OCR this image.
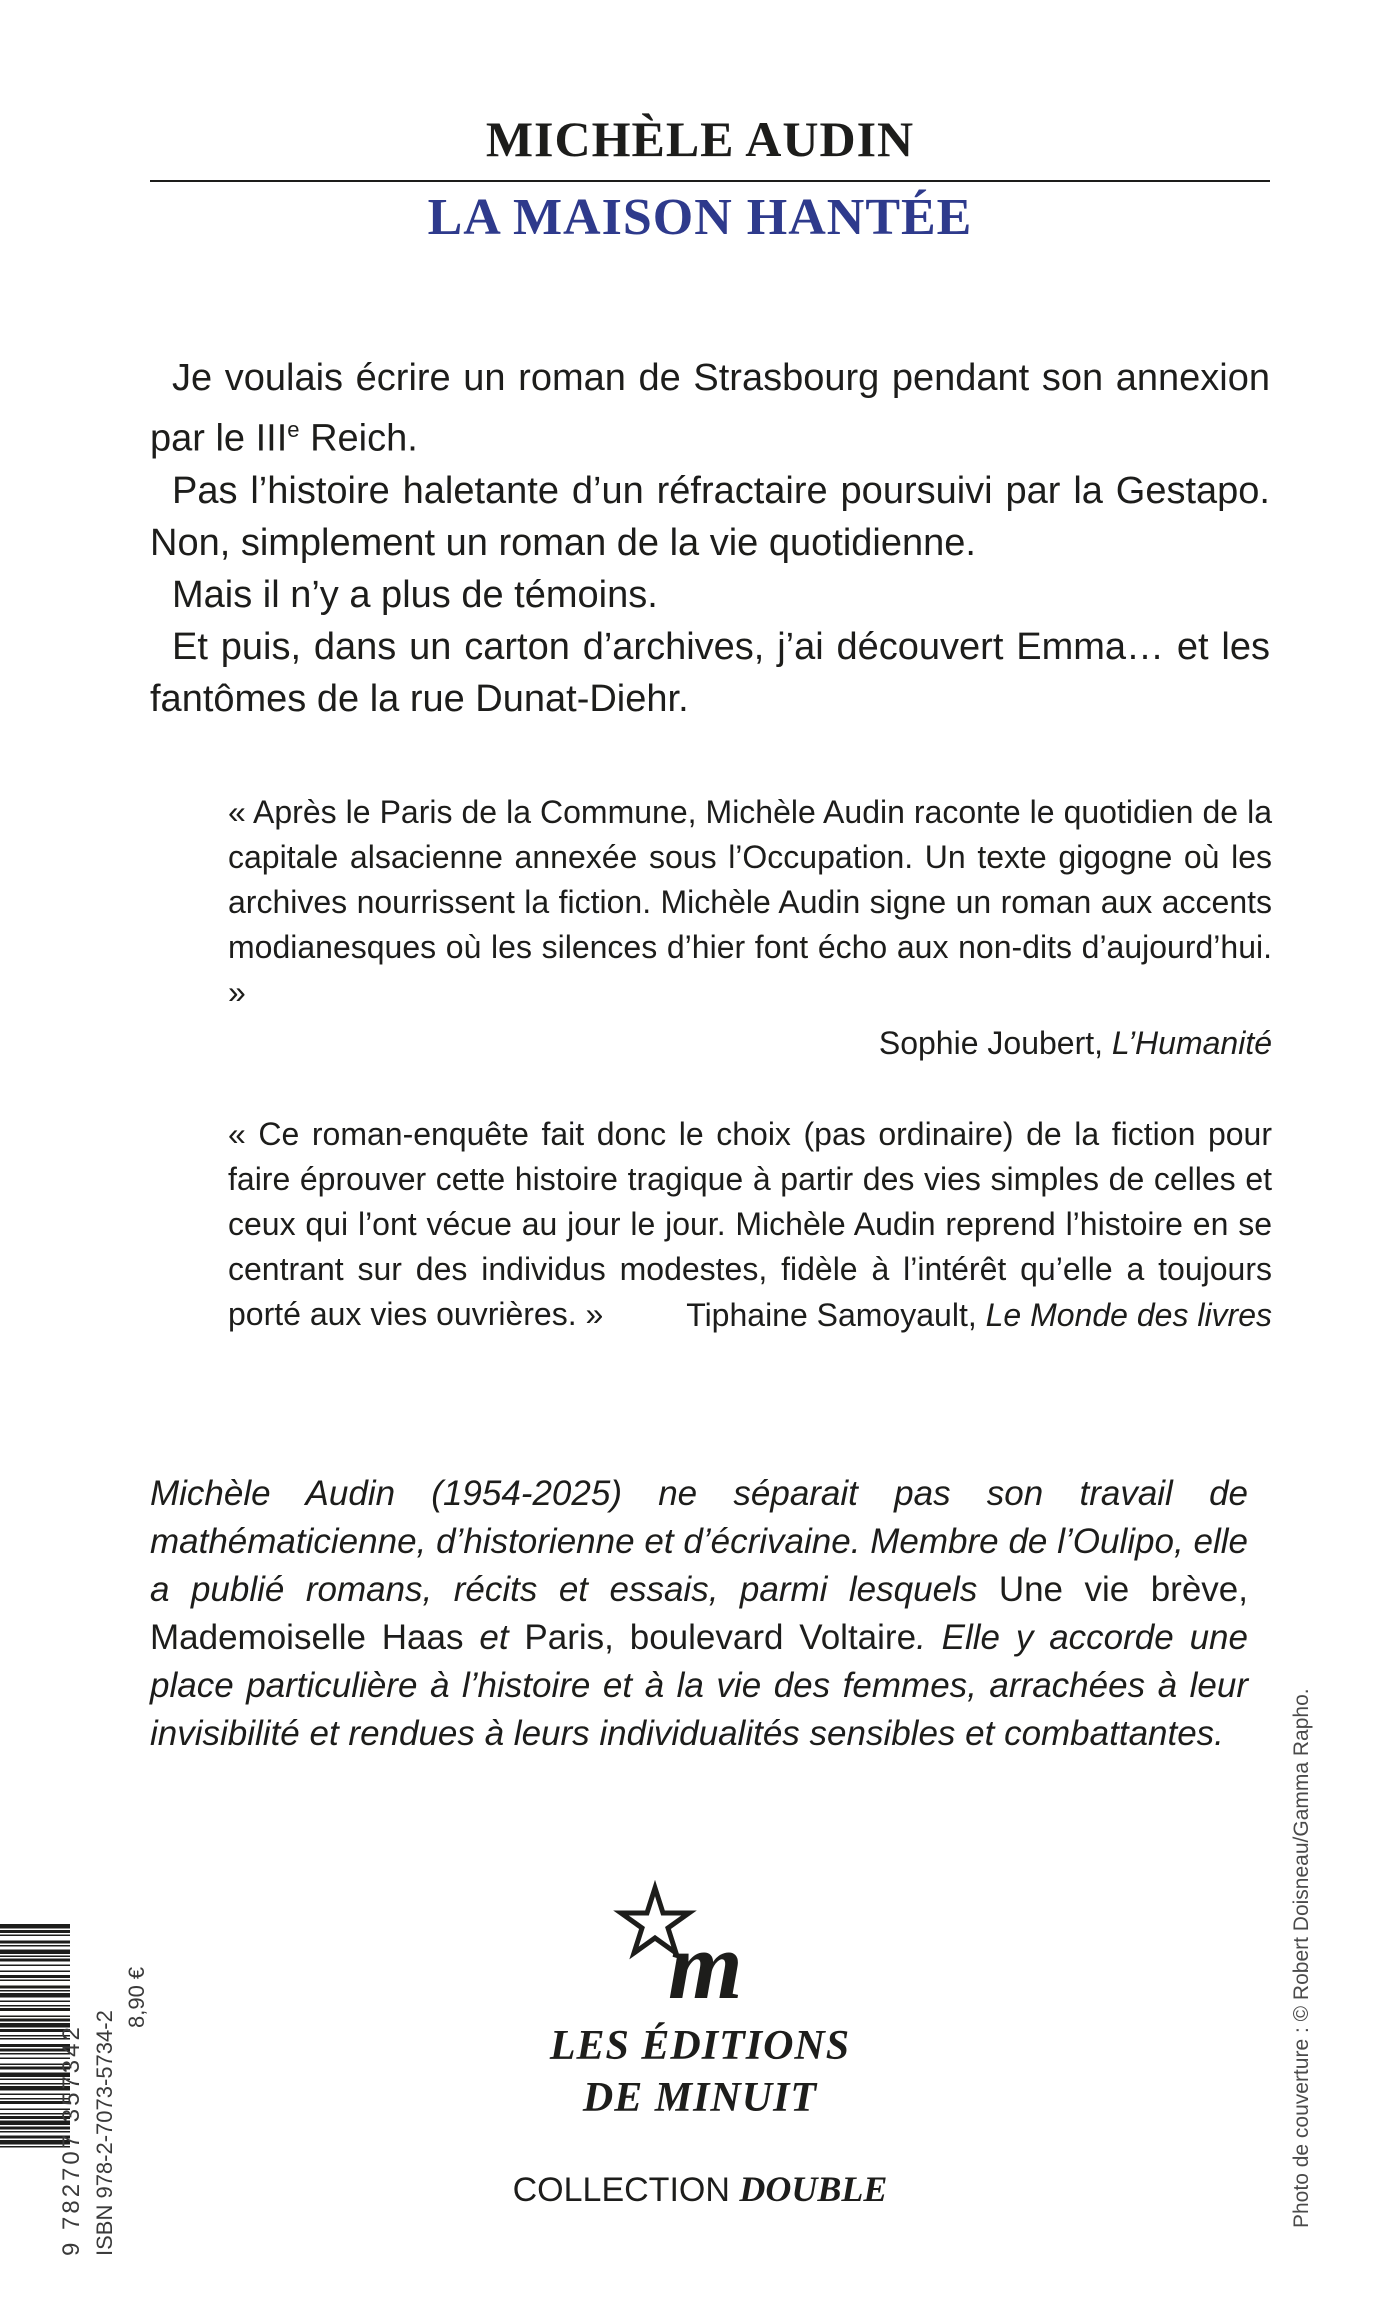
MICHÈLE AUDIN
LA MAISON HANTÉE

Je voulais écrire un roman de Strasbourg pendant son annexion par le IIIe Reich.

Pas l’histoire haletante d’un réfractaire poursuivi par la Gestapo. Non, simplement un roman de la vie quotidienne.

Mais il n’y a plus de témoins.

Et puis, dans un carton d’archives, j’ai découvert Emma… et les fantômes de la rue Dunat-Diehr.

« Après le Paris de la Commune, Michèle Audin raconte le quotidien de la capitale alsacienne annexée sous l’Occupation. Un texte gigogne où les archives nourrissent la fiction. Michèle Audin signe un roman aux accents modianesques où les silences d’hier font écho aux non-dits d’aujourd’hui. »

Sophie Joubert, L’Humanité

« Ce roman-enquête fait donc le choix (pas ordinaire) de la fiction pour faire éprouver cette histoire tragique à partir des vies simples de celles et ceux qui l’ont vécue au jour le jour. Michèle Audin reprend l’histoire en se centrant sur des individus modestes, fidèle à l’intérêt qu’elle a toujours porté aux vies ouvrières. »	Tiphaine Samoyault, Le Monde des livres

Michèle Audin (1954-2025) ne séparait pas son travail de mathématicienne, d’historienne et d’écrivaine. Membre de l’Oulipo, elle a publié romans, récits et essais, parmi lesquels Une vie brève, Mademoiselle Haas et Paris, boulevard Voltaire. Elle y accorde une place particulière à l’histoire et à la vie des femmes, arrachées à leur invisibilité et rendues à leurs individualités sensibles et combattantes.

m
LES ÉDITIONS
DE MINUIT
COLLECTION DOUBLE
9 782707 357342 ISBN 978-2-7073-5734-2
8,90 €	Photo de couverture : © Robert Doisneau/Gamma Rapho.
